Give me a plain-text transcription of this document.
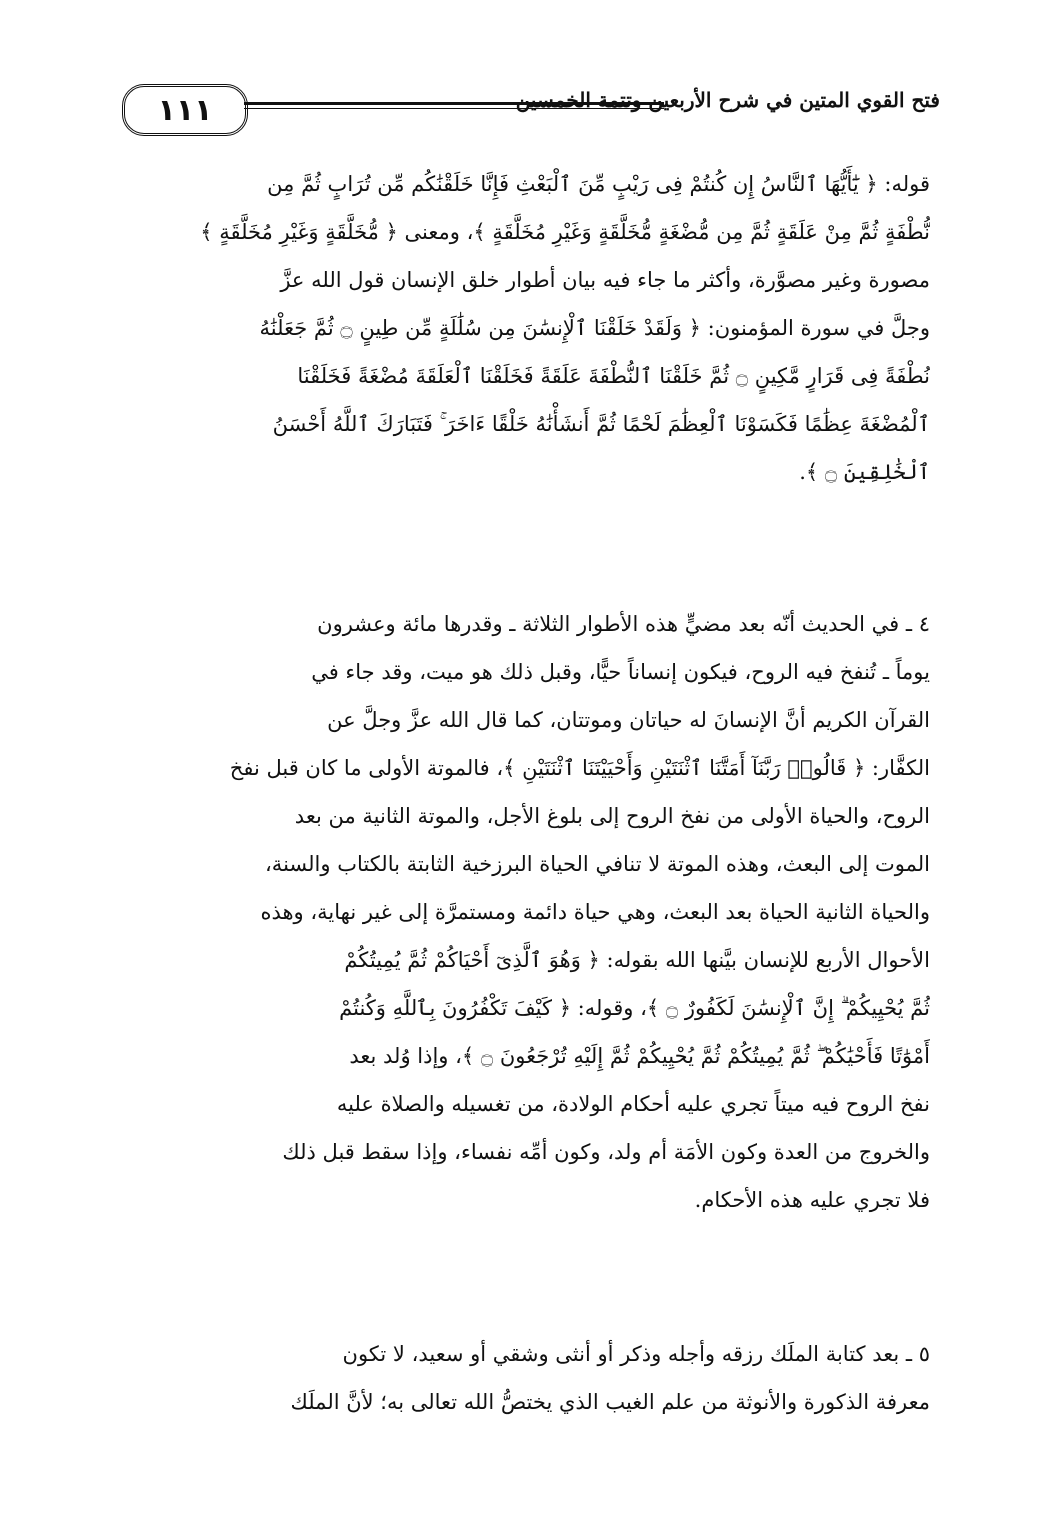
١١١	فتح القوي المتين في شرح الأربعين وتتمة الخمسين
قوله: ﴿ يَٰٓأَيُّهَا ٱلنَّاسُ إِن كُنتُمْ فِى رَيْبٍ مِّنَ ٱلْبَعْثِ فَإِنَّا خَلَقْنَٰكُم مِّن تُرَابٍ ثُمَّ مِن
نُّطْفَةٍ ثُمَّ مِنْ عَلَقَةٍ ثُمَّ مِن مُّضْغَةٍ مُّخَلَّقَةٍ وَغَيْرِ مُخَلَّقَةٍ ﴾، ومعنى ﴿ مُّخَلَّقَةٍ وَغَيْرِ مُخَلَّقَةٍ ﴾
مصورة وغير مصوَّرة، وأكثر ما جاء فيه بيان أطوار خلق الإنسان قول الله عزَّ
وجلَّ في سورة المؤمنون: ﴿ وَلَقَدْ خَلَقْنَا ٱلْإِنسَٰنَ مِن سُلَٰلَةٍ مِّن طِينٍ ۝ ثُمَّ جَعَلْنَٰهُ
نُطْفَةً فِى قَرَارٍ مَّكِينٍ ۝ ثُمَّ خَلَقْنَا ٱلنُّطْفَةَ عَلَقَةً فَخَلَقْنَا ٱلْعَلَقَةَ مُضْغَةً فَخَلَقْنَا
ٱلْمُضْغَةَ عِظَٰمًا فَكَسَوْنَا ٱلْعِظَٰمَ لَحْمًا ثُمَّ أَنشَأْنَٰهُ خَلْقًا ءَاخَرَ ۚ فَتَبَارَكَ ٱللَّهُ أَحْسَنُ
ٱلْخَٰلِقِينَ ۝ ﴾.
٤ ـ في الحديث أنّه بعد مضيٍّ هذه الأطوار الثلاثة ـ وقدرها مائة وعشرون
يوماً ـ تُنفخ فيه الروح، فيكون إنساناً حيًّا، وقبل ذلك هو ميت، وقد جاء في
القرآن الكريم أنَّ الإنسانَ له حياتان وموتتان، كما قال الله عزَّ وجلَّ عن
الكفَّار: ﴿ قَالُوا۟ رَبَّنَآ أَمَتَّنَا ٱثْنَتَيْنِ وَأَحْيَيْتَنَا ٱثْنَتَيْنِ ﴾، فالموتة الأولى ما كان قبل نفخ
الروح، والحياة الأولى من نفخ الروح إلى بلوغ الأجل، والموتة الثانية من بعد
الموت إلى البعث، وهذه الموتة لا تنافي الحياة البرزخية الثابتة بالكتاب والسنة،
والحياة الثانية الحياة بعد البعث، وهي حياة دائمة ومستمرَّة إلى غير نهاية، وهذه
الأحوال الأربع للإنسان بيَّنها الله بقوله: ﴿ وَهُوَ ٱلَّذِىٓ أَحْيَاكُمْ ثُمَّ يُمِيتُكُمْ
ثُمَّ يُحْيِيكُمْ ۗ إِنَّ ٱلْإِنسَٰنَ لَكَفُورٌ ۝ ﴾، وقوله: ﴿ كَيْفَ تَكْفُرُونَ بِٱللَّهِ وَكُنتُمْ
أَمْوَٰتًا فَأَحْيَٰكُمْ ۖ ثُمَّ يُمِيتُكُمْ ثُمَّ يُحْيِيكُمْ ثُمَّ إِلَيْهِ تُرْجَعُونَ ۝ ﴾، وإذا وُلد بعد
نفخ الروح فيه ميتاً تجري عليه أحكام الولادة، من تغسيله والصلاة عليه
والخروج من العدة وكون الأمَة أم ولد، وكون أمِّه نفساء، وإذا سقط قبل ذلك
فلا تجري عليه هذه الأحكام.
٥ ـ بعد كتابة الملَك رزقه وأجله وذكر أو أنثى وشقي أو سعيد، لا تكون
معرفة الذكورة والأنوثة من علم الغيب الذي يختصُّ الله تعالى به؛ لأنَّ الملَك
